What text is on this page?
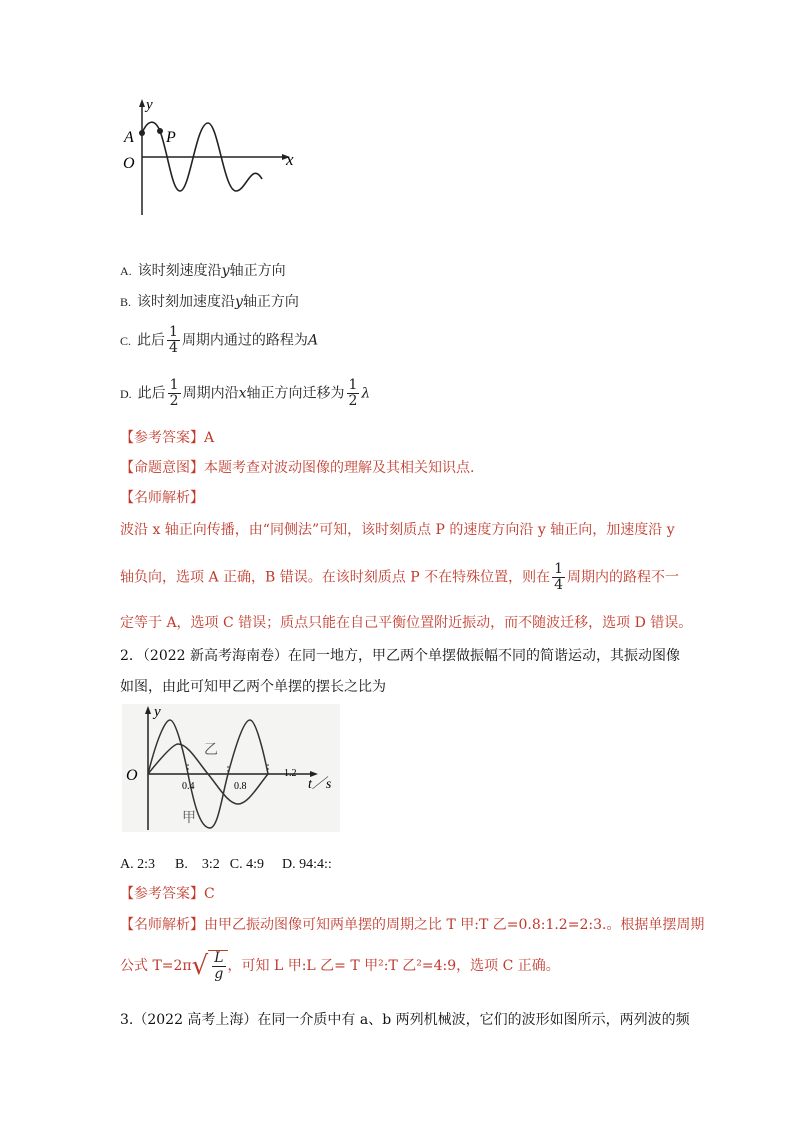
y
x
O
A P
A. 该时刻速度沿y轴正方向
B. 该时刻加速度沿y轴正方向
C. 此后 $\frac{1}{4}$ 周期内通过的路程为A
D. 此后 $\frac{1}{2}$ 周期内沿x轴正方向迁移为 $\frac{1}{2}$ λ
【参考答案】A
【命题意图】本题考查对波动图像的理解及其相关知识点.
【名师解析】
波沿 x 轴正向传播，由“同侧法”可知，该时刻质点 P 的速度方向沿 y 轴正向，加速度沿 y
轴负向，选项 A 正确，B 错误。在该时刻质点 P 不在特殊位置，则在 $\frac{1}{4}$ 周期内的路程不一
定等于 A，选项 C 错误；质点只能在自己平衡位置附近振动，而不随波迁移，选项 D 错误。
2．（2022 新高考海南卷）在同一地方，甲乙两个单摆做振幅不同的简谐运动，其振动图像
如图，由此可知甲乙两个单摆的摆长之比为
y
O
0.4	0.8
1.2
t／s
乙
甲
A. 2:3 B.　3:2 C. 4:9 D. 94:4::
【参考答案】C
【名师解析】由甲乙振动图像可知两单摆的周期之比 T 甲:T 乙=0.8:1.2=2:3.。根据单摆周期
公式 T=2π √ $\frac{L}{g}$ ，可知 L 甲:L 乙= T 甲²:T 乙²=4:9，选项 C 正确。
3.（2022 高考上海）在同一介质中有 a、b 两列机械波，它们的波形如图所示，两列波的频
